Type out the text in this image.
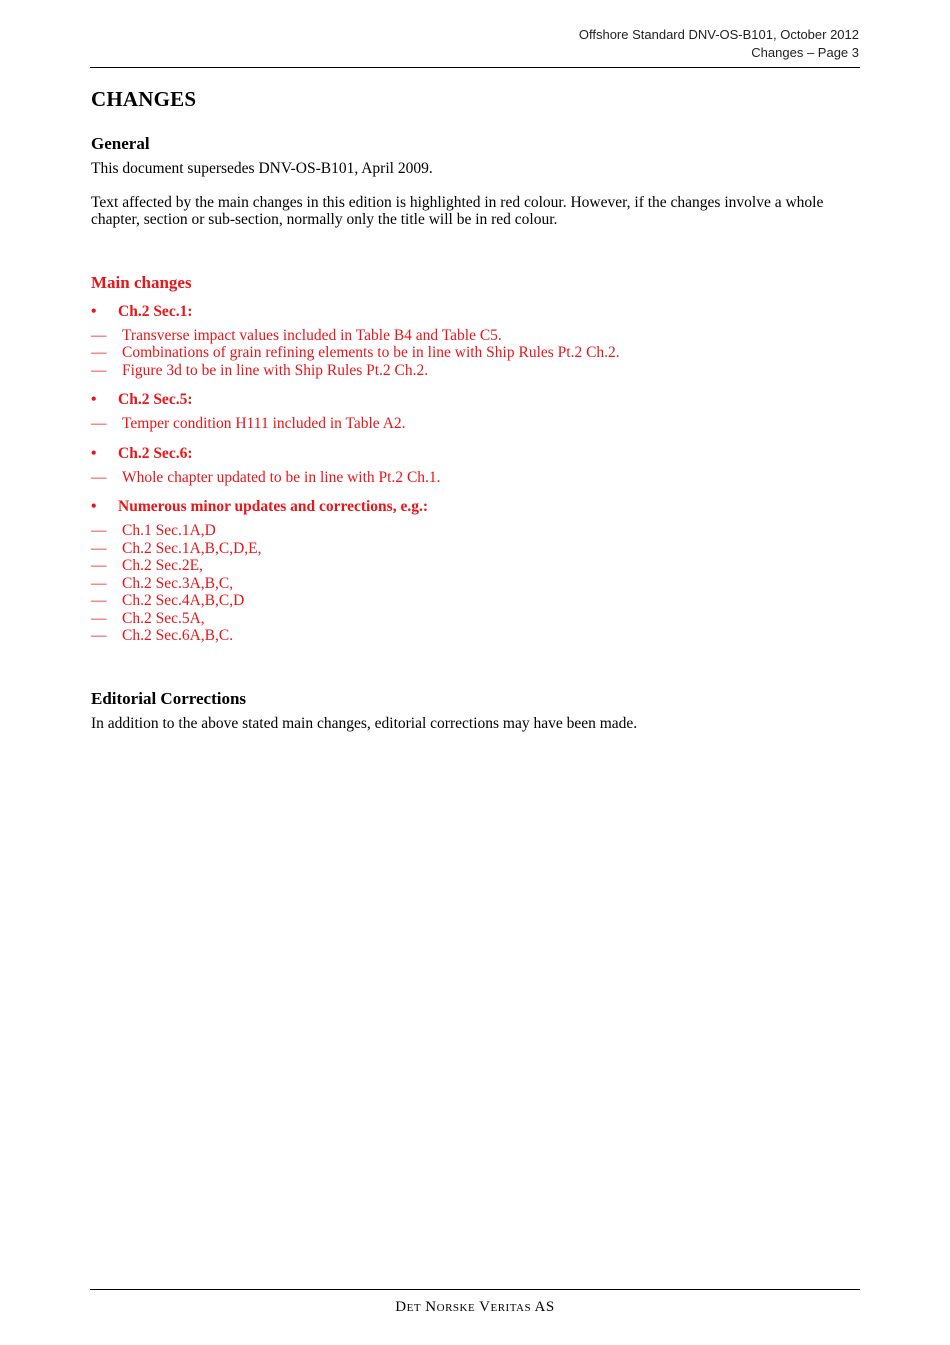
Offshore Standard DNV-OS-B101, October 2012
Changes – Page 3
CHANGES
General

This document supersedes DNV-OS-B101, April 2009.

Text affected by the main changes in this edition is highlighted in red colour. However, if the changes involve a whole chapter, section or sub-section, normally only the title will be in red colour.

Main changes
•	Ch.2 Sec.1:
—	Transverse impact values included in Table B4 and Table C5.
—	Combinations of grain refining elements to be in line with Ship Rules Pt.2 Ch.2.
—	Figure 3d to be in line with Ship Rules Pt.2 Ch.2.
•	Ch.2 Sec.5:
—	Temper condition H111 included in Table A2.
•	Ch.2 Sec.6:
—	Whole chapter updated to be in line with Pt.2 Ch.1.
•	Numerous minor updates and corrections, e.g.:
—	Ch.1 Sec.1A,D
—	Ch.2 Sec.1A,B,C,D,E,
—	Ch.2 Sec.2E,
—	Ch.2 Sec.3A,B,C,
—	Ch.2 Sec.4A,B,C,D
—	Ch.2 Sec.5A,
—	Ch.2 Sec.6A,B,C.
Editorial Corrections

In addition to the above stated main changes, editorial corrections may have been made.

Det Norske Veritas AS
